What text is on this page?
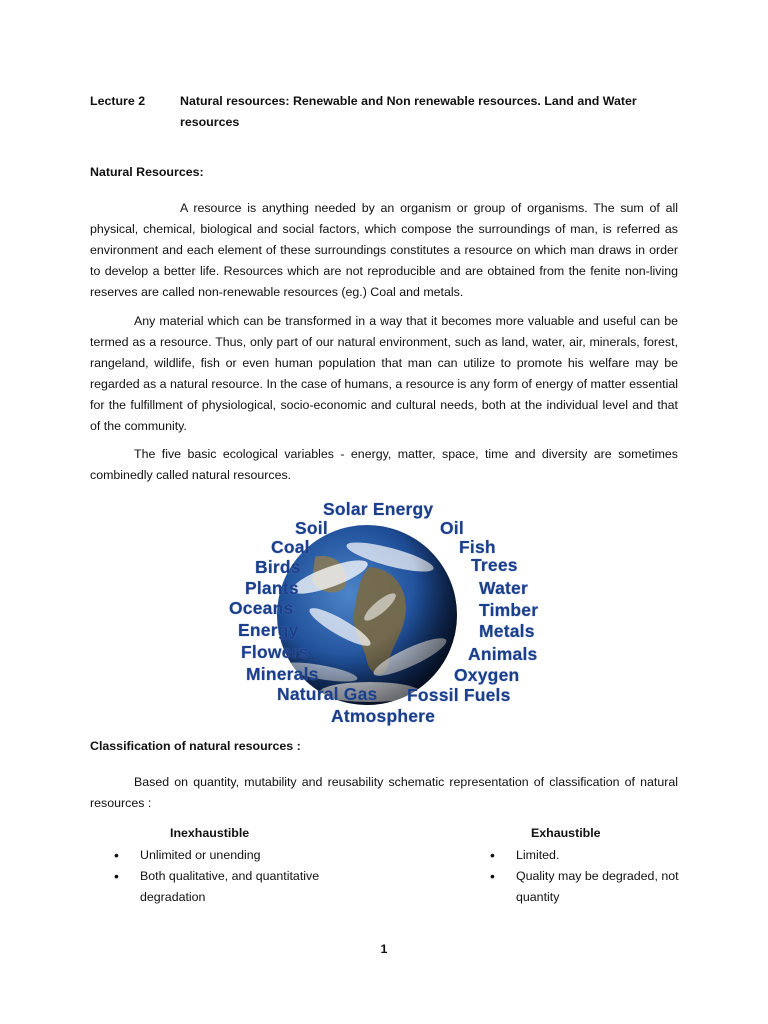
Lecture 2	Natural resources: Renewable and Non renewable resources. Land and Water resources
Natural Resources:

A resource is anything needed by an organism or group of organisms. The sum of all physical, chemical, biological and social factors, which compose the surroundings of man, is referred as environment and each element of these surroundings constitutes a resource on which man draws in order to develop a better life. Resources which are not reproducible and are obtained from the fenite non-living reserves are called non-renewable resources (eg.) Coal and metals.

Any material which can be transformed in a way that it becomes more valuable and useful can be termed as a resource. Thus, only part of our natural environment, such as land, water, air, minerals, forest, rangeland, wildlife, fish or even human population that man can utilize to promote his welfare may be regarded as a natural resource. In the case of humans, a resource is any form of energy of matter essential for the fulfillment of physiological, socio-economic and cultural needs, both at the individual level and that of the community.

The five basic ecological variables - energy, matter, space, time and diversity are sometimes combinedly called natural resources.

Solar Energy
Soil	Oil
Coal	Fish
Birds	Trees
Plants	Water
Oceans	Timber
Energy	Metals
Flowers	Animals
Minerals	Oxygen
Natural Gas Fossil Fuels
Atmosphere
Classification of natural resources :

Based on quantity, mutability and reusability schematic representation of classification of natural resources :

Inexhaustible	Exhaustible
• Unlimited or unending
• Both qualitative, and quantitative degradation
• Limited.
• Quality may be degraded, not quantity
1
